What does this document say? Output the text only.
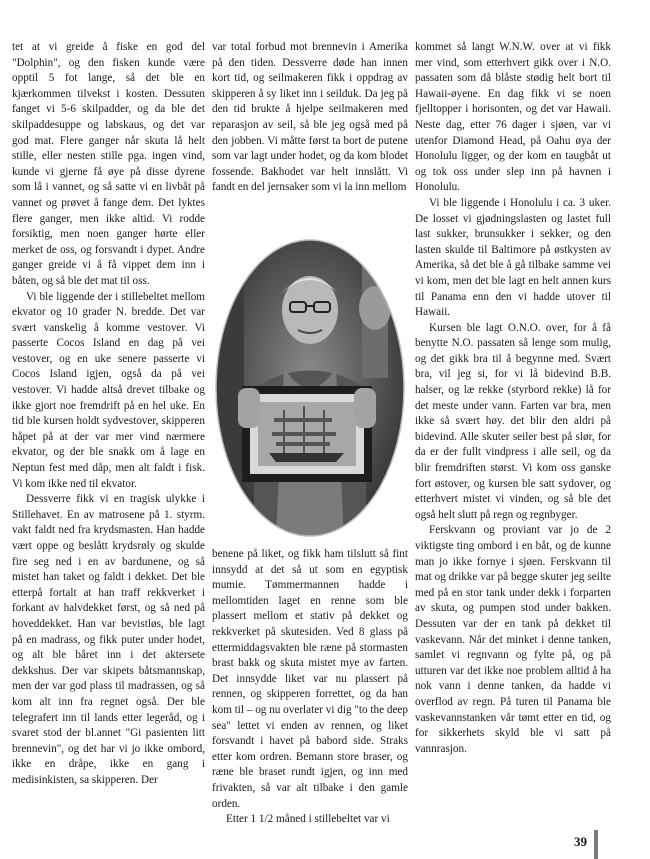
tet at vi greide å fiske en god del "Dolphin", og den fisken kunde være opptil 5 fot lange, så det ble en kjærkommen tilvekst i kosten. Dessuten fanget vi 5-6 skilpadder, og da ble det skilpaddesuppe og labskaus, og det var god mat. Flere ganger når skuta lå helt stille, eller nesten stille pga. ingen vind, kunde vi gjerne få øye på disse dyrene som lå i vannet, og så satte vi en livbåt på vannet og prøvet å fange dem. Det lyktes flere ganger, men ikke altid. Vi rodde forsiktig, men noen ganger hørte eller merket de oss, og forsvandt i dypet. Andre ganger greide vi å få vippet dem inn i båten, og så ble det mat til oss.

Vi ble liggende der i stillebeltet mellom ekvator og 10 grader N. bredde. Det var svært vanskelig å komme vestover. Vi passerte Cocos Island en dag på vei vestover, og en uke senere passerte vi Cocos Island igjen, også da på vei vestover. Vi hadde altså drevet tilbake og ikke gjort noe fremdrift på en hel uke. En tid ble kursen holdt sydvestover, skipperen håpet på at der var mer vind nærmere ekvator, og der ble snakk om å lage en Neptun fest med dåp, men alt faldt i fisk. Vi kom ikke ned til ekvator.

Dessverre fikk vi en tragisk ulykke i Stillehavet. En av matrosene på 1. styrm. vakt faldt ned fra krydsmasten. Han hadde vært oppe og beslått krydsrøly og skulde fire seg ned i en av bardunene, og så mistet han taket og faldt i dekket. Det ble etterpå fortalt at han traff rekkverket i forkant av halvdekket først, og så ned på hoveddekket. Han var bevistløs, ble lagt på en madrass, og fikk puter under hodet, og alt ble båret inn i det aktersete dekkshus. Der var skipets båtsmannskap, men der var god plass til madrassen, og så kom alt inn fra regnet også. Der ble telegrafert inn til lands etter legeråd, og i svaret stod der bl.annet "Gi pasienten litt brennevin", og det har vi jo ikke ombord, ikke en dråpe, ikke en gang i medisinkisten, sa skipperen. Der

var total forbud mot brennevin i Amerika på den tiden. Dessverre døde han innen kort tid, og seilmakeren fikk i oppdrag av skipperen å sy liket inn i seilduk. Da jeg på den tid brukte å hjelpe seilmakeren med reparasjon av seil, så ble jeg også med på den jobben. Vi måtte først ta bort de putene som var lagt under hodet, og da kom blodet fossende. Bakhodet var helt innslått. Vi fandt en del jernsaker som vi la inn mellom

benene på liket, og fikk ham tilslutt så fint innsydd at det så ut som en egyptisk mumie. Tømmermannen hadde i mellomtiden laget en renne som ble plassert mellom et stativ på dekket og rekkverket på skutesiden. Ved 8 glass på ettermiddagsvakten ble ræne på stormasten brast bakk og skuta mistet mye av farten. Det innsydde liket var nu plassert på rennen, og skipperen forrettet, og da han kom til – og nu overlater vi dig "to the deep sea" lettet vi enden av rennen, og liket forsvandt i havet på babord side. Straks etter kom ordren. Bemann store braser, og ræne ble braset rundt igjen, og inn med frivakten, så var alt tilbake i den gamle orden.

Etter 1 1/2 måned i stillebeltet var vi

kommet så langt W.N.W. over at vi fikk mer vind, som etterhvert gikk over i N.O. passaten som då blåste stødig helt bort til Hawaii-øyene. En dag fikk vi se noen fjelltopper i horisonten, og det var Hawaii. Neste dag, etter 76 dager i sjøen, var vi utenfor Diamond Head, på Oahu øya der Honolulu ligger, og der kom en taugbåt ut og tok oss under slep inn på havnen i Honolulu.

Vi ble liggende i Honolulu i ca. 3 uker. De losset vi gjødningslasten og lastet full last sukker, brunsukker i sekker, og den lasten skulde til Baltimore på østkysten av Amerika, så det ble å gå tilbake samme vei vi kom, men det ble lagt en helt annen kurs til Panama enn den vi hadde utover til Hawaii.

Kursen ble lagt O.N.O. over, for å få benytte N.O. passaten så lenge som mulig, og det gikk bra til å begynne med. Svært bra, vil jeg si, for vi lå bidevind B.B. halser, og læ rekke (styrbord rekke) lå for det meste under vann. Farten var bra, men ikke så svært høy. det blir den aldri på bidevind. Alle skuter seiler best på slør, for da er der fullt vindpress i alle seil, og da blir fremdriften størst. Vi kom oss ganske fort østover, og kursen ble satt sydover, og etterhvert mistet vi vinden, og så ble det også helt slutt på regn og regnbyger.

Ferskvann og proviant var jo de 2 viktigste ting ombord i en båt, og de kunne man jo ikke fornye i sjøen. Ferskvann til mat og drikke var på begge skuter jeg seilte med på en stor tank under dekk i forparten av skuta, og pumpen stod under bakken. Dessuten var der en tank på dekket til vaskevann. Når det minket i denne tanken, samlet vi regnvann og fylte på, og på utturen var det ikke noe problem alltid å ha nok vann i denne tanken, da hadde vi overflod av regn. På turen til Panama ble vaskevannstanken vår tømt etter en tid, og for sikkerhets skyld ble vi satt på vannrasjon.

39
